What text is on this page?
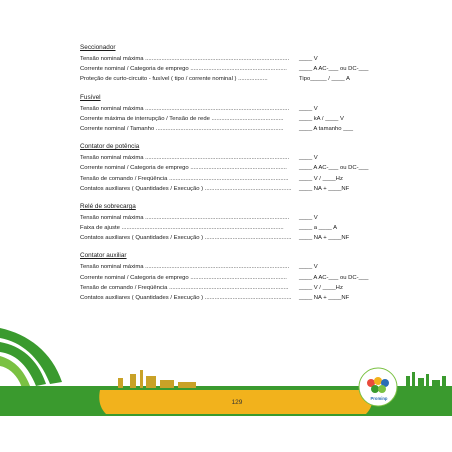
Seccionador
Tensão nominal máxima ........................................................................................ ____ V
Corrente nominal / Categoria de emprego ........................................................... ____ A AC-___ ou DC-___
Proteção de curto-circuito - fusível ( tipo / corrente nominal ) ..................	Tipo_____ / ____ A
Fusível
Tensão nominal máxima ........................................................................................ ____ V
Corrente máxima de interrupção / Tensão de rede ............................................	____ kA / ____ V
Corrente nominal / Tamanho ..............................................................................	____ A tamanho ___
Contator de potência
Tensão nominal máxima ........................................................................................ ____ V
Corrente nominal / Categoria de emprego ........................................................... ____ A AC-___ ou DC-___
Tensão de comando / Freqüência ......................................................................... ____ V / ____Hz
Contatos auxiliares ( Quantidades / Execução ) ..................................................... ____ NA + ____NF
Relé de sobrecarga
Tensão nominal máxima ........................................................................................ ____ V
Faixa de ajuste ...................................................................................................	____ a ____ A
Contatos auxiliares ( Quantidades / Execução ) ..................................................... ____ NA + ____NF
Contator auxiliar
Tensão nominal máxima ........................................................................................ ____ V
Corrente nominal / Categoria de emprego ........................................................... ____ A AC-___ ou DC-___
Tensão de comando / Freqüência ......................................................................... ____ V / ____Hz
Contatos auxiliares ( Quantidades / Execução ) ..................................................... ____ NA + ____NF
129
Prominp
